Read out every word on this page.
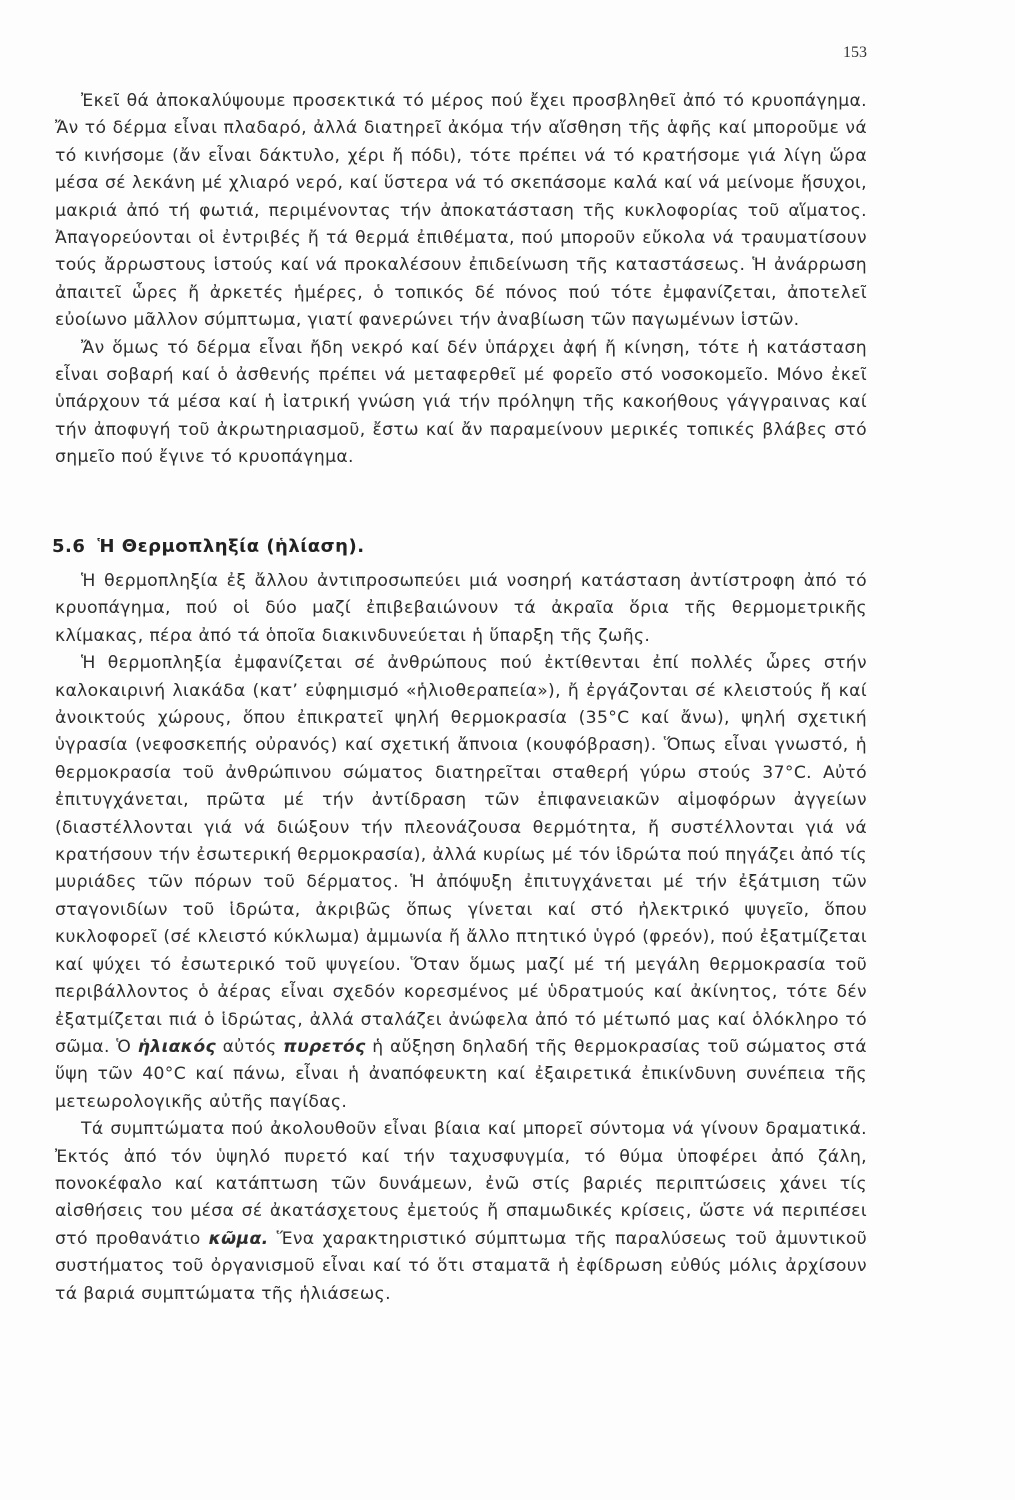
153

Ἐκεῖ θά ἀποκαλύψουμε προσεκτικά τό μέρος πού ἔχει προσβληθεῖ ἀπό τό κρυοπάγημα. Ἄν τό δέρμα εἶναι πλαδαρό, ἀλλά διατηρεῖ ἀκόμα τήν αἴσθηση τῆς ἁφῆς καί μποροῦμε νά τό κινήσομε (ἄν εἶναι δάκτυλο, χέρι ἤ πόδι), τότε πρέπει νά τό κρατήσομε γιά λίγη ὥρα μέσα σέ λεκάνη μέ χλιαρό νερό, καί ὕστερα νά τό σκεπάσομε καλά καί νά μείνομε ἥσυχοι, μακριά ἀπό τή φωτιά, περιμένοντας τήν ἀποκατάσταση τῆς κυκλοφορίας τοῦ αἵματος. Ἀπαγορεύονται οἱ ἐντριβές ἤ τά θερμά ἐπιθέματα, πού μποροῦν εὔκολα νά τραυματίσουν τούς ἄρρωστους ἱστούς καί νά προκαλέσουν ἐπιδείνωση τῆς καταστάσεως. Ἡ ἀνάρρωση ἀπαιτεῖ ὧρες ἤ ἀρκετές ἡμέρες, ὁ τοπικός δέ πόνος πού τότε ἐμφανίζεται, ἀποτελεῖ εὐοίωνο μᾶλλον σύμπτωμα, γιατί φανερώνει τήν ἀναβίωση τῶν παγωμένων ἱστῶν.

Ἄν ὅμως τό δέρμα εἶναι ἤδη νεκρό καί δέν ὑπάρχει ἀφή ἤ κίνηση, τότε ἡ κατάσταση εἶναι σοβαρή καί ὁ ἀσθενής πρέπει νά μεταφερθεῖ μέ φορεῖο στό νοσοκομεῖο. Μόνο ἐκεῖ ὑπάρχουν τά μέσα καί ἡ ἰατρική γνώση γιά τήν πρόληψη τῆς κακοήθους γάγγραινας καί τήν ἀποφυγή τοῦ ἀκρωτηριασμοῦ, ἔστω καί ἄν παραμείνουν μερικές τοπικές βλάβες στό σημεῖο πού ἔγινε τό κρυοπάγημα.

5.6 Ἡ Θερμοπληξία (ἡλίαση).

Ἡ θερμοπληξία ἐξ ἄλλου ἀντιπροσωπεύει μιά νοσηρή κατάσταση ἀντίστροφη ἀπό τό κρυοπάγημα, πού οἱ δύο μαζί ἐπιβεβαιώνουν τά ἀκραῖα ὅρια τῆς θερμομετρικῆς κλίμακας, πέρα ἀπό τά ὁποῖα διακινδυνεύεται ἡ ὕπαρξη τῆς ζωῆς.

Ἡ θερμοπληξία ἐμφανίζεται σέ ἀνθρώπους πού ἐκτίθενται ἐπί πολλές ὧρες στήν καλοκαιρινή λιακάδα (κατ’ εὐφημισμό «ἡλιοθεραπεία»), ἤ ἐργάζονται σέ κλειστούς ἤ καί ἀνοικτούς χώρους, ὅπου ἐπικρατεῖ ψηλή θερμοκρασία (35°C καί ἄνω), ψηλή σχετική ὑγρασία (νεφοσκεπής οὐρανός) καί σχετική ἄπνοια (κουφόβραση). Ὅπως εἶναι γνωστό, ἡ θερμοκρασία τοῦ ἀνθρώπινου σώματος διατηρεῖται σταθερή γύρω στούς 37°C. Αὐτό ἐπιτυγχάνεται, πρῶτα μέ τήν ἀντίδραση τῶν ἐπιφανειακῶν αἱμοφόρων ἀγγείων (διαστέλλονται γιά νά διώξουν τήν πλεονάζουσα θερμότητα, ἤ συστέλλονται γιά νά κρατήσουν τήν ἐσωτερική θερμοκρασία), ἀλλά κυρίως μέ τόν ἱδρώτα πού πηγάζει ἀπό τίς μυριάδες τῶν πόρων τοῦ δέρματος. Ἡ ἀπόψυξη ἐπιτυγχάνεται μέ τήν ἐξάτμιση τῶν σταγονιδίων τοῦ ἱδρώτα, ἀκριβῶς ὅπως γίνεται καί στό ἠλεκτρικό ψυγεῖο, ὅπου κυκλοφορεῖ (σέ κλειστό κύκλωμα) ἀμμωνία ἤ ἄλλο πτητικό ὑγρό (φρεόν), πού ἐξατμίζεται καί ψύχει τό ἐσωτερικό τοῦ ψυγείου. Ὅταν ὅμως μαζί μέ τή μεγάλη θερμοκρασία τοῦ περιβάλλοντος ὁ ἀέρας εἶναι σχεδόν κορεσμένος μέ ὑδρατμούς καί ἀκίνητος, τότε δέν ἐξατμίζεται πιά ὁ ἱδρώτας, ἀλλά σταλάζει ἀνώφελα ἀπό τό μέτωπό μας καί ὁλόκληρο τό σῶμα. Ὁ ἡλιακός αὐτός πυρετός ἡ αὔξηση δηλαδή τῆς θερμοκρασίας τοῦ σώματος στά ὕψη τῶν 40°C καί πάνω, εἶναι ἡ ἀναπόφευκτη καί ἐξαιρετικά ἐπικίνδυνη συνέπεια τῆς μετεωρολογικῆς αὐτῆς παγίδας.

Τά συμπτώματα πού ἀκολουθοῦν εἶναι βίαια καί μπορεῖ σύντομα νά γίνουν δραματικά. Ἐκτός ἀπό τόν ὑψηλό πυρετό καί τήν ταχυσφυγμία, τό θύμα ὑποφέρει ἀπό ζάλη, πονοκέφαλο καί κατάπτωση τῶν δυνάμεων, ἐνῶ στίς βαριές περιπτώσεις χάνει τίς αἰσθήσεις του μέσα σέ ἀκατάσχετους ἐμετούς ἤ σπαμωδικές κρίσεις, ὥστε νά περιπέσει στό προθανάτιο κῶμα. Ἕνα χαρακτηριστικό σύμπτωμα τῆς παραλύσεως τοῦ ἀμυντικοῦ συστήματος τοῦ ὀργανισμοῦ εἶναι καί τό ὅτι σταματᾶ ἡ ἐφίδρωση εὐθύς μόλις ἀρχίσουν τά βαριά συμπτώματα τῆς ἡλιάσεως.
